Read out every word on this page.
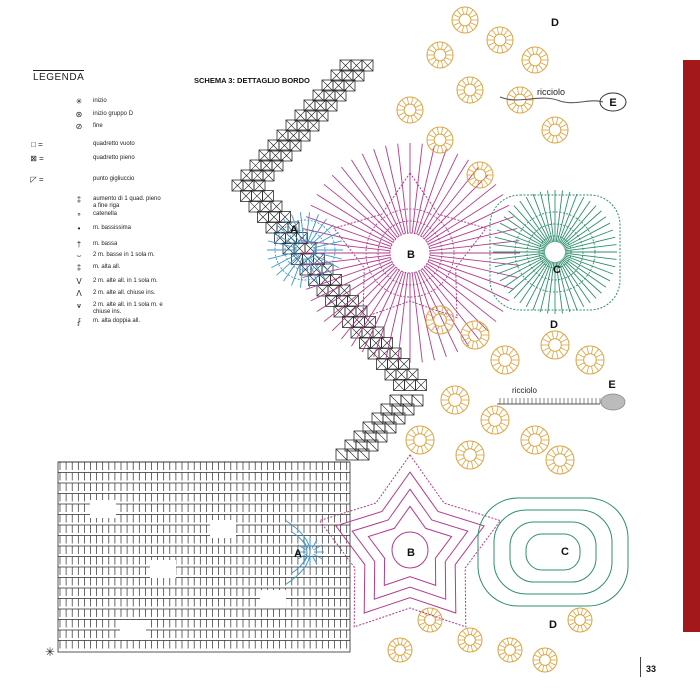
LEGENDA
✳	inizio
⊛	inizio gruppo D
⊘	fine
□ =	quadretto vuoto
⊠ =	quadretto pieno
◸ =	punto gigliuccio
‡	aumento di 1 quad. pieno a fine riga
∘	catenella
•	m. bassissima
†	m. bassa
⌣	2 m. basse in 1 sola m.
‡	m. alta all.
V	2 m. alte all. in 1 sola m.
Λ	2 m. alte all. chiuse ins.
⩛	2 m. alte all. in 1 sola m. e chiuse ins.
⨏	m. alta doppia all.
SCHEMA 3: DETTAGLIO BORDO
✳
B
A
C
D
D
D
E
ricciolo
E
ricciolo
B
A	C
33
